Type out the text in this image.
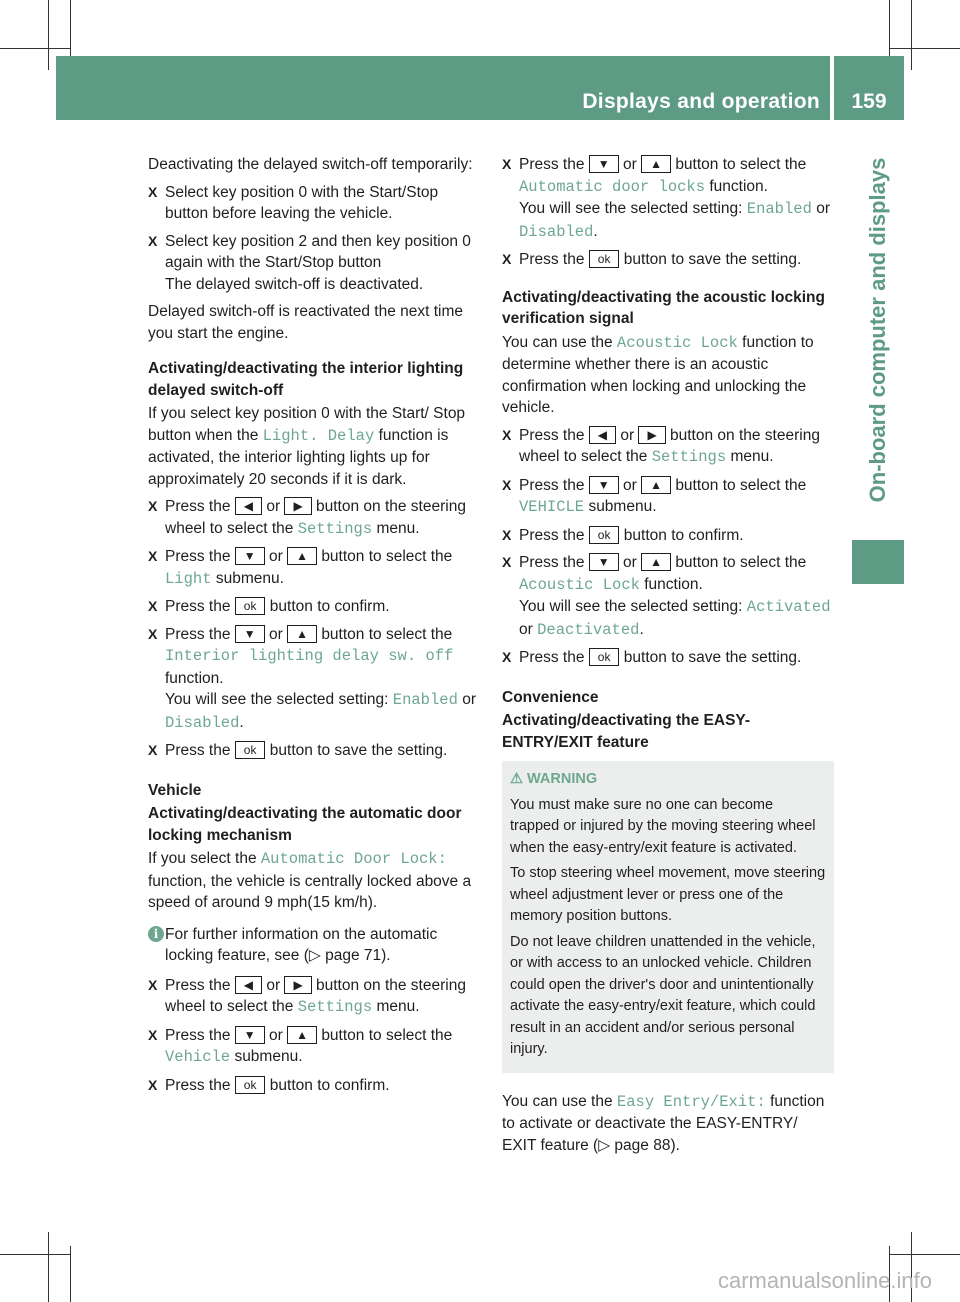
Displays and operation	159
On-board computer and displays

Deactivating the delayed switch-off temporarily:

X Select key position 0 with the Start/Stop button before leaving the vehicle.
X Select key position 2 and then key position 0 again with the Start/Stop button
The delayed switch-off is deactivated.

Delayed switch-off is reactivated the next time you start the engine.

Activating/deactivating the interior lighting delayed switch-off

If you select key position 0 with the Start/ Stop button when the Light. Delay function is activated, the interior lighting lights up for approximately 20 seconds if it is dark.

X Press the ◀ or ▶ button on the steering wheel to select the Settings menu.
X Press the ▼ or ▲ button to select the Light submenu.
X Press the ok button to confirm.
X Press the ▼ or ▲ button to select the Interior lighting delay sw. off function.
You will see the selected setting: Enabled or Disabled.
X Press the ok button to save the setting.
Vehicle
Activating/deactivating the automatic door locking mechanism

If you select the Automatic Door Lock: function, the vehicle is centrally locked above a speed of around 9 mph(15 km/h).

i For further information on the automatic locking feature, see (▷ page 71).
X Press the ◀ or ▶ button on the steering wheel to select the Settings menu.
X Press the ▼ or ▲ button to select the Vehicle submenu.
X Press the ok button to confirm.
X Press the ▼ or ▲ button to select the Automatic door locks function.
You will see the selected setting: Enabled or Disabled.
X Press the ok button to save the setting.
Activating/deactivating the acoustic locking verification signal

You can use the Acoustic Lock function to determine whether there is an acoustic confirmation when locking and unlocking the vehicle.

X Press the ◀ or ▶ button on the steering wheel to select the Settings menu.
X Press the ▼ or ▲ button to select the VEHICLE submenu.
X Press the ok button to confirm.
X Press the ▼ or ▲ button to select the Acoustic Lock function.
You will see the selected setting: Activated or Deactivated.
X Press the ok button to save the setting.
Convenience
Activating/deactivating the EASY-ENTRY/EXIT feature
⚠ WARNING

You must make sure no one can become trapped or injured by the moving steering wheel when the easy-entry/exit feature is activated.

To stop steering wheel movement, move steering wheel adjustment lever or press one of the memory position buttons.

Do not leave children unattended in the vehicle, or with access to an unlocked vehicle. Children could open the driver's door and unintentionally activate the easy-entry/exit feature, which could result in an accident and/or serious personal injury.

You can use the Easy Entry/Exit: function to activate or deactivate the EASY-ENTRY/ EXIT feature (▷ page 88).

carmanualsonline.info
